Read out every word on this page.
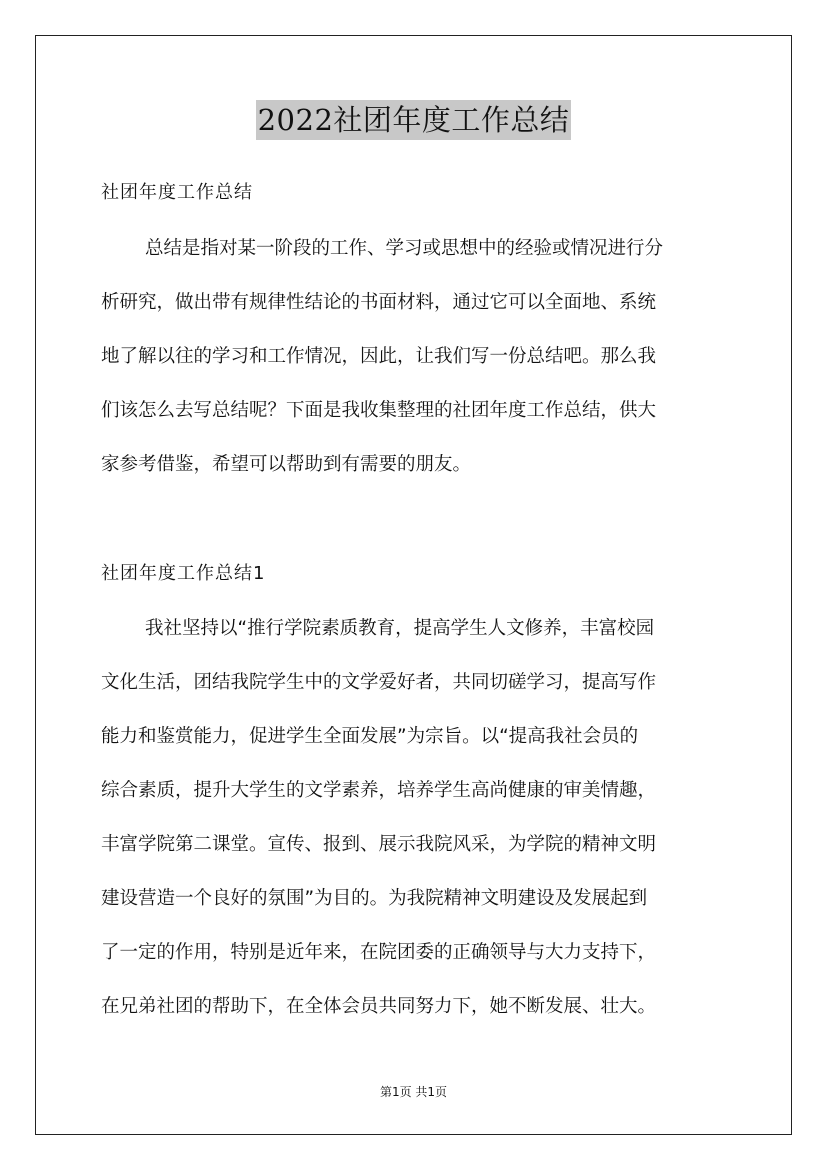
2022社团年度工作总结
社团年度工作总结
总结是指对某一阶段的工作、学习或思想中的经验或情况进行分
析研究，做出带有规律性结论的书面材料，通过它可以全面地、系统
地了解以往的学习和工作情况，因此，让我们写一份总结吧。那么我
们该怎么去写总结呢？下面是我收集整理的社团年度工作总结，供大
家参考借鉴，希望可以帮助到有需要的朋友。
社团年度工作总结1
我社坚持以“推行学院素质教育，提高学生人文修养，丰富校园
文化生活，团结我院学生中的文学爱好者，共同切磋学习，提高写作
能力和鉴赏能力，促进学生全面发展”为宗旨。以“提高我社会员的
综合素质，提升大学生的文学素养，培养学生高尚健康的审美情趣，
丰富学院第二课堂。宣传、报到、展示我院风采，为学院的精神文明
建设营造一个良好的氛围”为目的。为我院精神文明建设及发展起到
了一定的作用，特别是近年来，在院团委的正确领导与大力支持下，
在兄弟社团的帮助下，在全体会员共同努力下，她不断发展、壮大。
第1页 共1页
